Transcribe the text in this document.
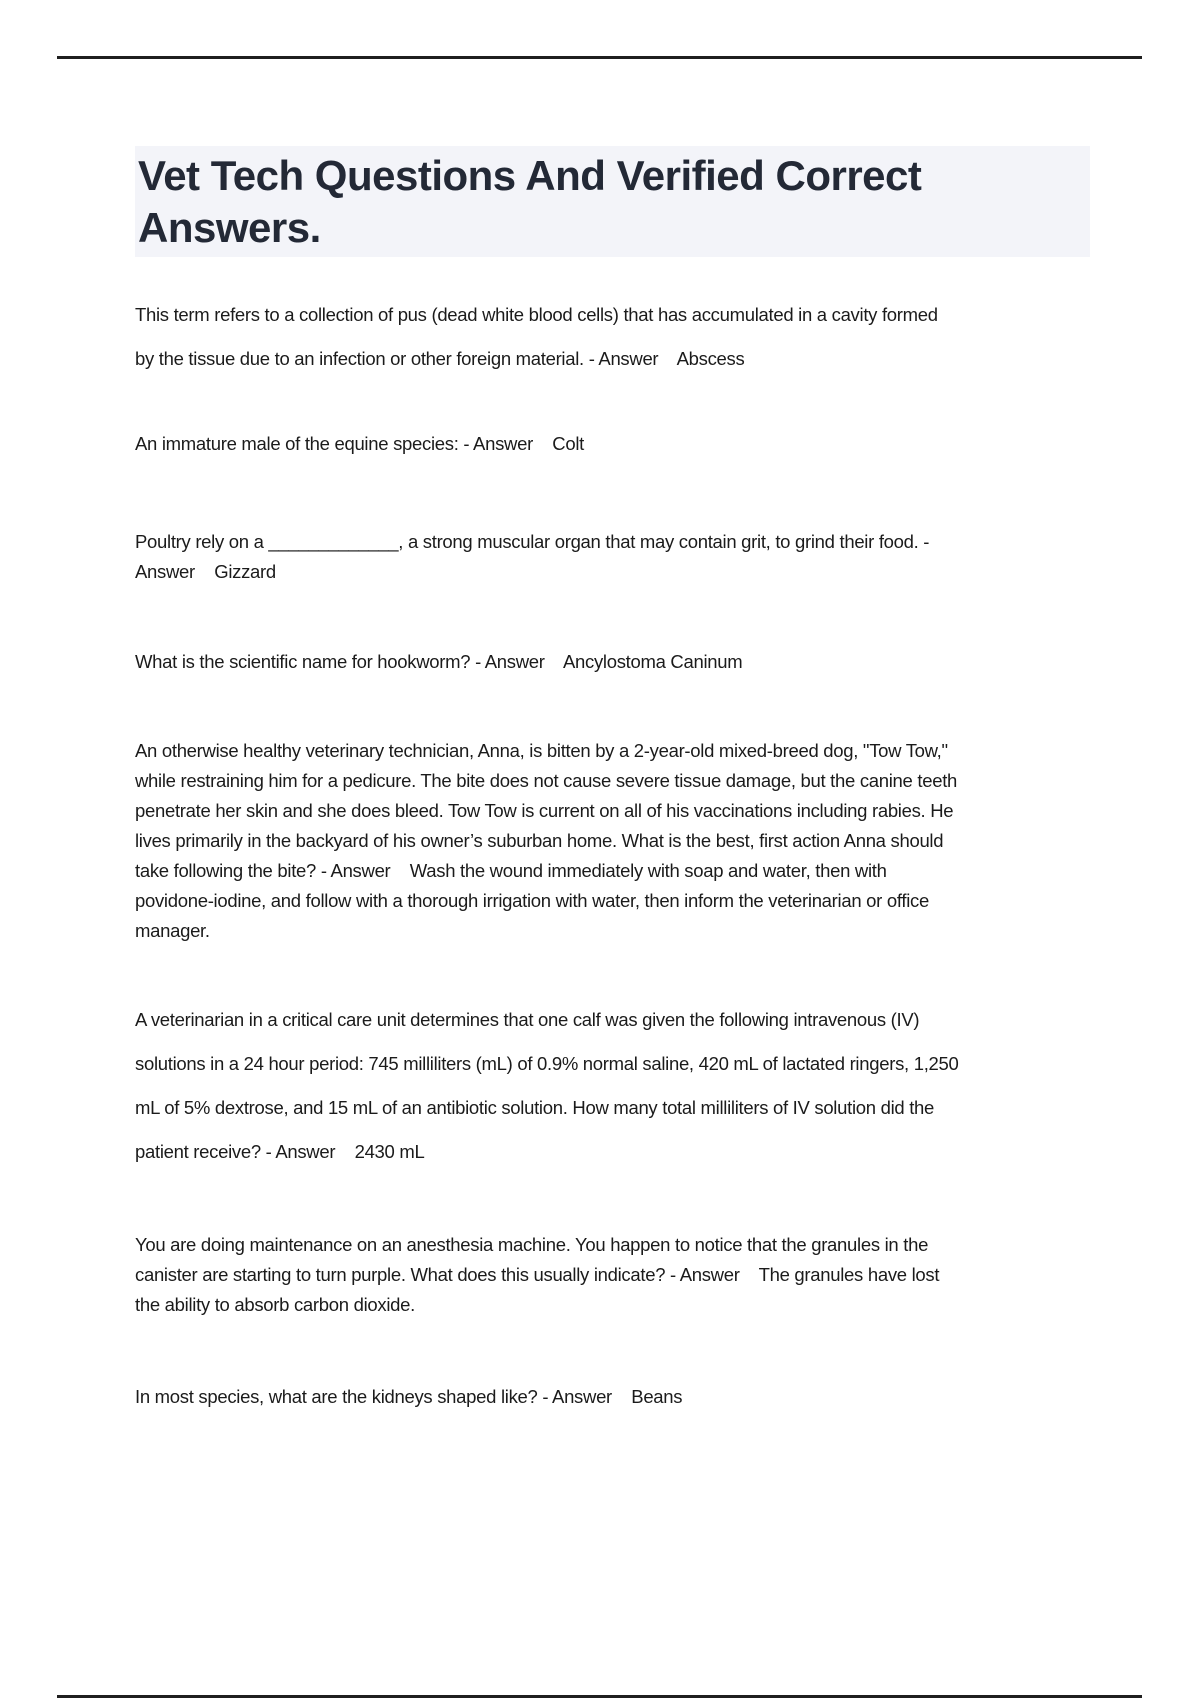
Vet Tech Questions And Verified Correct
Answers.
This term refers to a collection of pus (dead white blood cells) that has accumulated in a cavity formed
by the tissue due to an infection or other foreign material. - Answer    Abscess
An immature male of the equine species: - Answer    Colt
Poultry rely on a _____________, a strong muscular organ that may contain grit, to grind their food. -
Answer    Gizzard
What is the scientific name for hookworm? - Answer    Ancylostoma Caninum
An otherwise healthy veterinary technician, Anna, is bitten by a 2-year-old mixed-breed dog, "Tow Tow,"
while restraining him for a pedicure. The bite does not cause severe tissue damage, but the canine teeth
penetrate her skin and she does bleed. Tow Tow is current on all of his vaccinations including rabies. He
lives primarily in the backyard of his owner’s suburban home. What is the best, first action Anna should
take following the bite? - Answer    Wash the wound immediately with soap and water, then with
povidone-iodine, and follow with a thorough irrigation with water, then inform the veterinarian or office
manager.
A veterinarian in a critical care unit determines that one calf was given the following intravenous (IV)
solutions in a 24 hour period: 745 milliliters (mL) of 0.9% normal saline, 420 mL of lactated ringers, 1,250
mL of 5% dextrose, and 15 mL of an antibiotic solution. How many total milliliters of IV solution did the
patient receive? - Answer    2430 mL
You are doing maintenance on an anesthesia machine. You happen to notice that the granules in the
canister are starting to turn purple. What does this usually indicate? - Answer    The granules have lost
the ability to absorb carbon dioxide.
In most species, what are the kidneys shaped like? - Answer    Beans
